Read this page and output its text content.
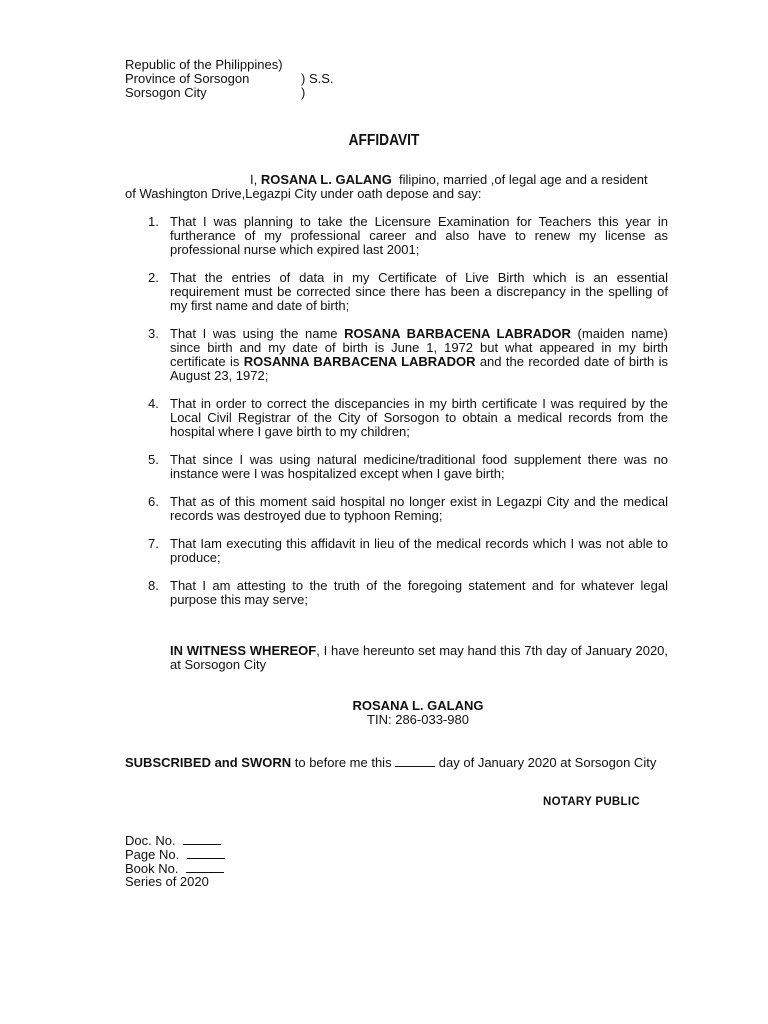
Republic of the Philippines)
Province of Sorsogon	) S.S.
Sorsogon City	)
AFFIDAVIT
I, ROSANA L. GALANG  filipino, married ,of legal age and a resident
of Washington Drive,Legazpi City under oath depose and say:
1. That I was planning to take the Licensure Examination for Teachers this year in furtherance of my professional career and also have to renew my license as professional nurse which expired last 2001;
2. That the entries of data in my Certificate of Live Birth which is an essential requirement must be corrected since there has been a discrepancy in the spelling of my first name and date of birth;
3. That I was using the name ROSANA BARBACENA LABRADOR (maiden name) since birth and my date of birth is June 1, 1972 but what appeared in my birth certificate is ROSANNA BARBACENA LABRADOR and the recorded date of birth is August 23, 1972;
4. That in order to correct the discepancies in my birth certificate I was required by the Local Civil Registrar of the City of Sorsogon to obtain a medical records from the hospital where I gave birth to my children;
5. That since I was using natural medicine/traditional food supplement there was no instance were I was hospitalized except when I gave birth;
6. That as of this moment said hospital no longer exist in Legazpi City and the medical records was destroyed due to typhoon Reming;
7. That Iam executing this affidavit in lieu of the medical records which I was not able to produce;
8. That I am attesting to the truth of the foregoing statement and for whatever legal purpose this may serve;
IN WITNESS WHEREOF, I have hereunto set may hand this 7th day of January 2020, at Sorsogon City
ROSANA L. GALANG
TIN: 286-033-980
SUBSCRIBED and SWORN to before me this	day of January 2020 at Sorsogon City
NOTARY PUBLIC
Doc. No.
Page No.
Book No.
Series of 2020
